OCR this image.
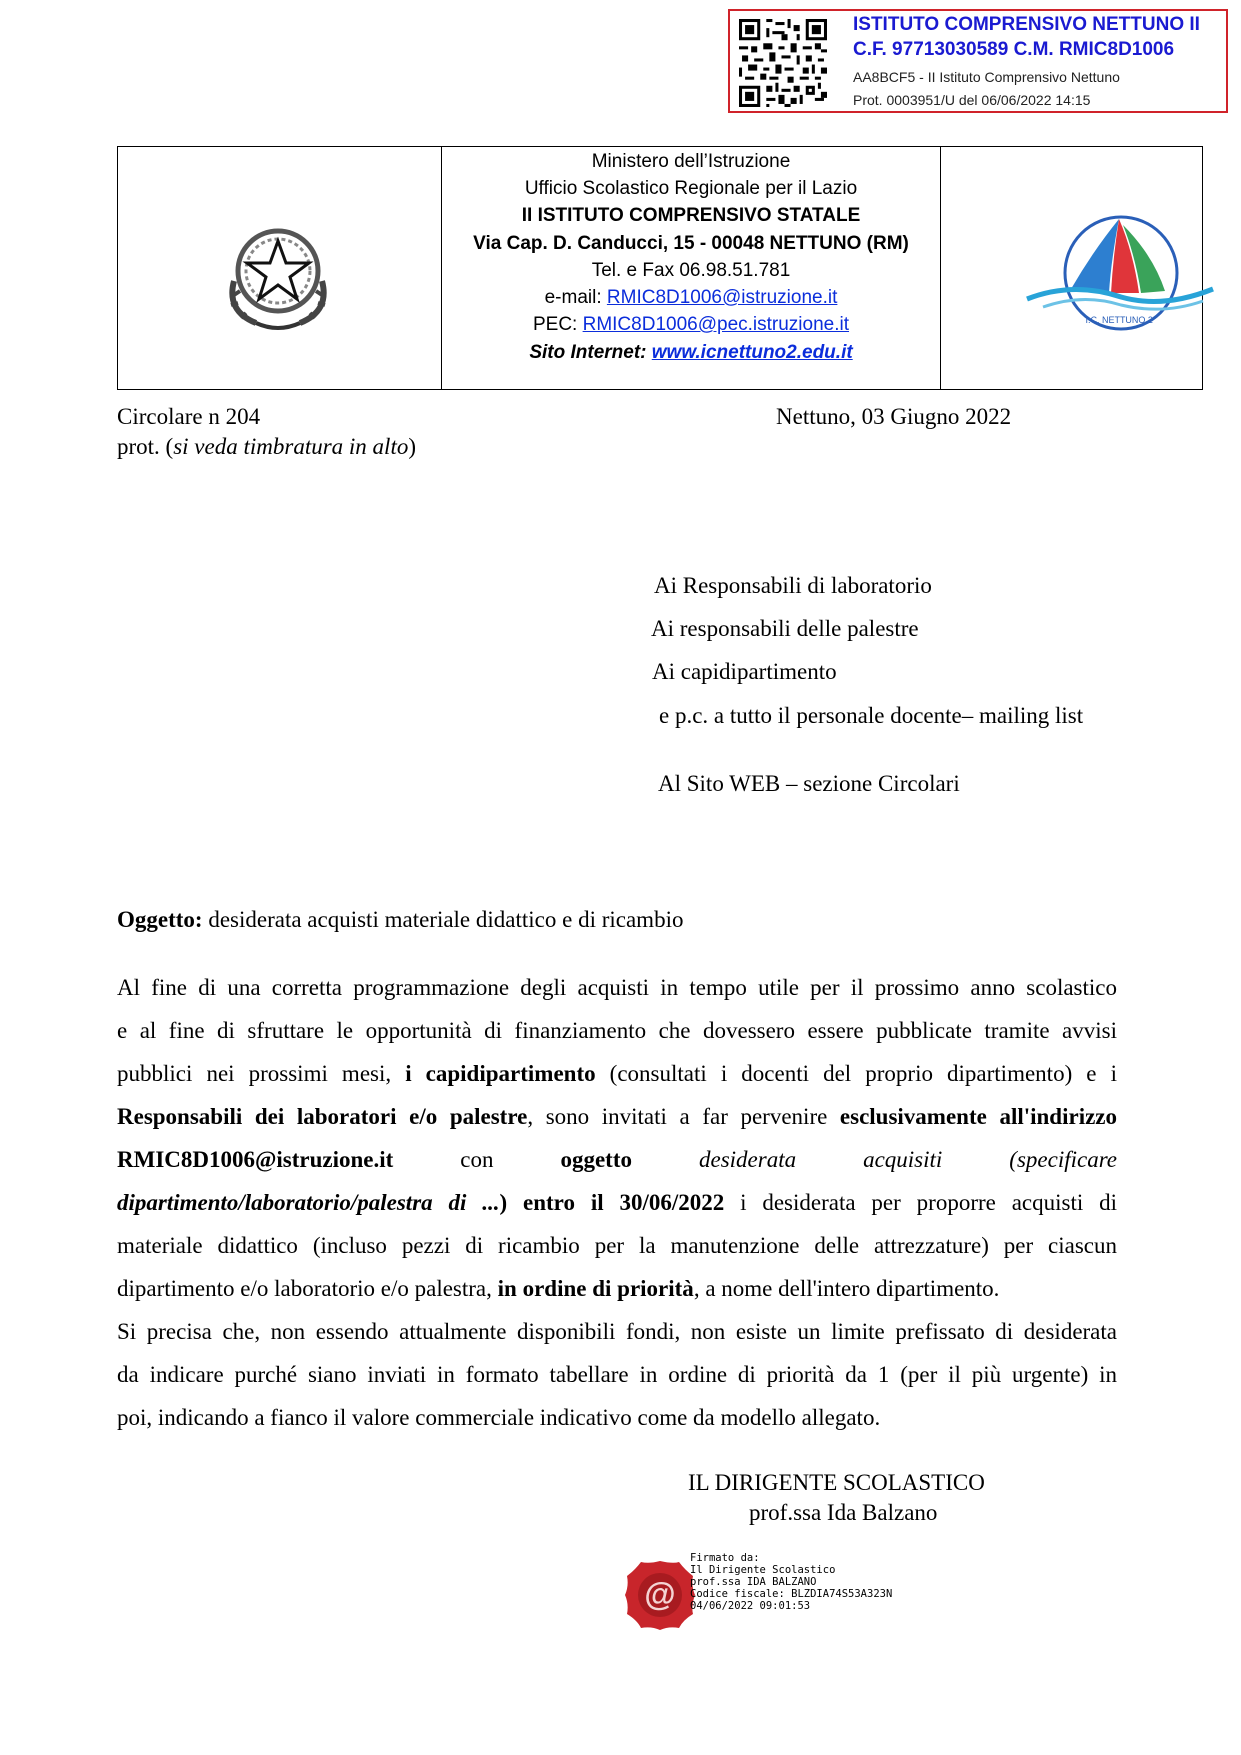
ISTITUTO COMPRENSIVO NETTUNO II
C.F. 97713030589 C.M. RMIC8D1006
AA8BCF5 - II Istituto Comprensivo Nettuno
Prot. 0003951/U del 06/06/2022 14:15
Ministero dell’Istruzione
Ufficio Scolastico Regionale per il Lazio
II ISTITUTO COMPRENSIVO STATALE
Via Cap. D. Canducci, 15 - 00048 NETTUNO (RM)
Tel. e Fax 06.98.51.781
e-mail: RMIC8D1006@istruzione.it
PEC: RMIC8D1006@pec.istruzione.it
Sito Internet: www.icnettuno2.edu.it
I.C. NETTUNO 2°
Circolare n 204
prot. (si veda timbratura in alto)
Nettuno, 03 Giugno 2022
Ai Responsabili di laboratorio
Ai responsabili delle palestre
Ai capidipartimento
e p.c. a tutto il personale docente– mailing list
Al Sito WEB – sezione Circolari
Oggetto: desiderata acquisti materiale didattico e di ricambio
Al fine di una corretta programmazione degli acquisti in tempo utile per il prossimo anno scolastico
e al fine di sfruttare le opportunità di finanziamento che dovessero essere pubblicate tramite avvisi
pubblici nei prossimi mesi, i capidipartimento (consultati i docenti del proprio dipartimento) e i
Responsabili dei laboratori e/o palestre, sono invitati a far pervenire esclusivamente all'indirizzo
RMIC8D1006@istruzione.it	con	oggetto	desiderata	acquisiti	(specificare
dipartimento/laboratorio/palestra di ...) entro il 30/06/2022 i desiderata per proporre acquisti di
materiale didattico (incluso pezzi di ricambio per la manutenzione delle attrezzature) per ciascun
dipartimento e/o laboratorio e/o palestra, in ordine di priorità, a nome dell'intero dipartimento.
Si precisa che, non essendo attualmente disponibili fondi, non esiste un limite prefissato di desiderata
da indicare purché siano inviati in formato tabellare in ordine di priorità da 1 (per il più urgente) in
poi, indicando a fianco il valore commerciale indicativo come da modello allegato.
IL DIRIGENTE SCOLASTICO
prof.ssa Ida Balzano
@
Firmato da:
Il Dirigente Scolastico
prof.ssa IDA BALZANO
Codice fiscale: BLZDIA74S53A323N
04/06/2022 09:01:53
